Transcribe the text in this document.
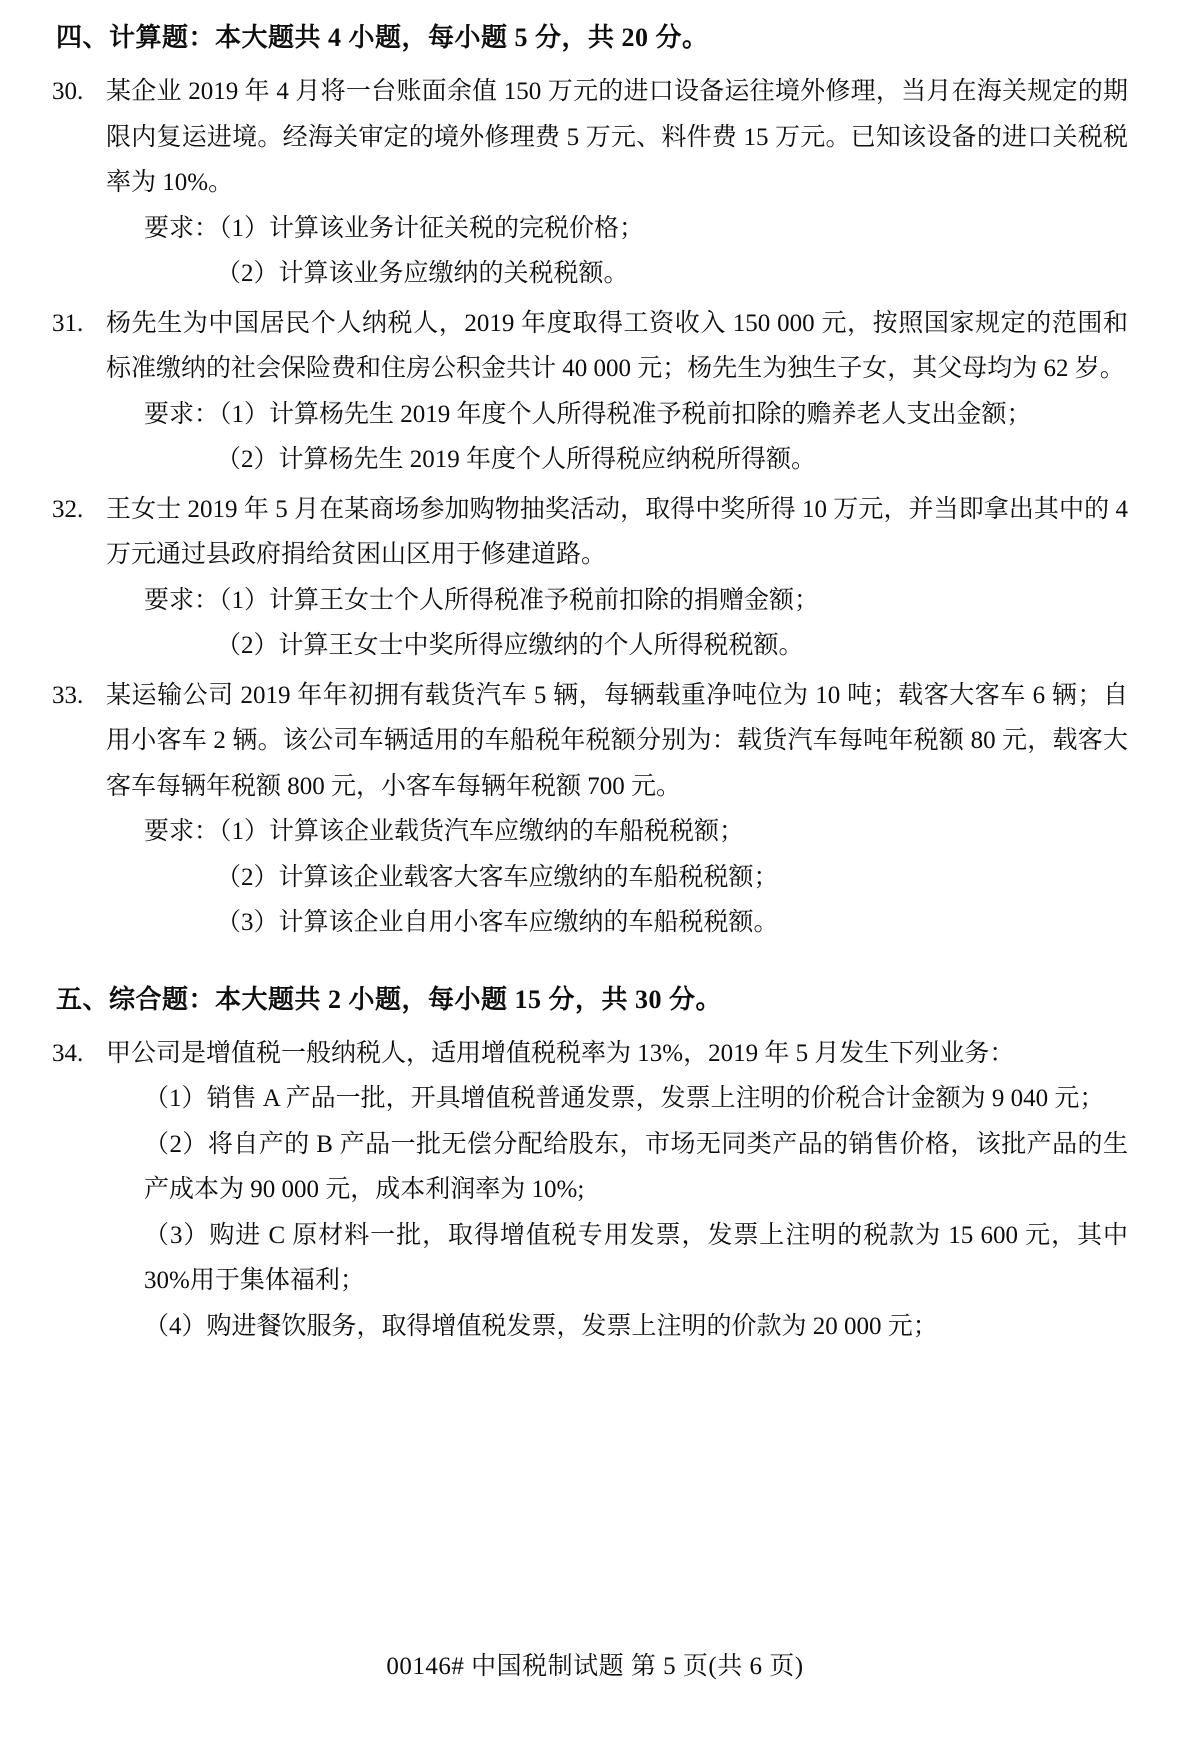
四、计算题：本大题共 4 小题，每小题 5 分，共 20 分。
30. 某企业 2019 年 4 月将一台账面余值 150 万元的进口设备运往境外修理，当月在海关规定的期限内复运进境。经海关审定的境外修理费 5 万元、料件费 15 万元。已知该设备的进口关税税率为 10%。

要求：（1）计算该业务计征关税的完税价格；

（2）计算该业务应缴纳的关税税额。

31. 杨先生为中国居民个人纳税人，2019 年度取得工资收入 150 000 元，按照国家规定的范围和标准缴纳的社会保险费和住房公积金共计 40 000 元；杨先生为独生子女，其父母均为 62 岁。

要求：（1）计算杨先生 2019 年度个人所得税准予税前扣除的赡养老人支出金额；

（2）计算杨先生 2019 年度个人所得税应纳税所得额。

32. 王女士 2019 年 5 月在某商场参加购物抽奖活动，取得中奖所得 10 万元，并当即拿出其中的 4 万元通过县政府捐给贫困山区用于修建道路。

要求：（1）计算王女士个人所得税准予税前扣除的捐赠金额；

（2）计算王女士中奖所得应缴纳的个人所得税税额。

33. 某运输公司 2019 年年初拥有载货汽车 5 辆，每辆载重净吨位为 10 吨；载客大客车 6 辆；自用小客车 2 辆。该公司车辆适用的车船税年税额分别为：载货汽车每吨年税额 80 元，载客大客车每辆年税额 800 元，小客车每辆年税额 700 元。

要求：（1）计算该企业载货汽车应缴纳的车船税税额；

（2）计算该企业载客大客车应缴纳的车船税税额；

（3）计算该企业自用小客车应缴纳的车船税税额。

五、综合题：本大题共 2 小题，每小题 15 分，共 30 分。
34. 甲公司是增值税一般纳税人，适用增值税税率为 13%，2019 年 5 月发生下列业务：

（1）销售 A 产品一批，开具增值税普通发票，发票上注明的价税合计金额为 9 040 元；

（2）将自产的 B 产品一批无偿分配给股东，市场无同类产品的销售价格，该批产品的生产成本为 90 000 元，成本利润率为 10%;

（3）购进 C 原材料一批，取得增值税专用发票，发票上注明的税款为 15 600 元，其中 30%用于集体福利；

（4）购进餐饮服务，取得增值税发票，发票上注明的价款为 20 000 元；

00146# 中国税制试题 第 5 页(共 6 页)
